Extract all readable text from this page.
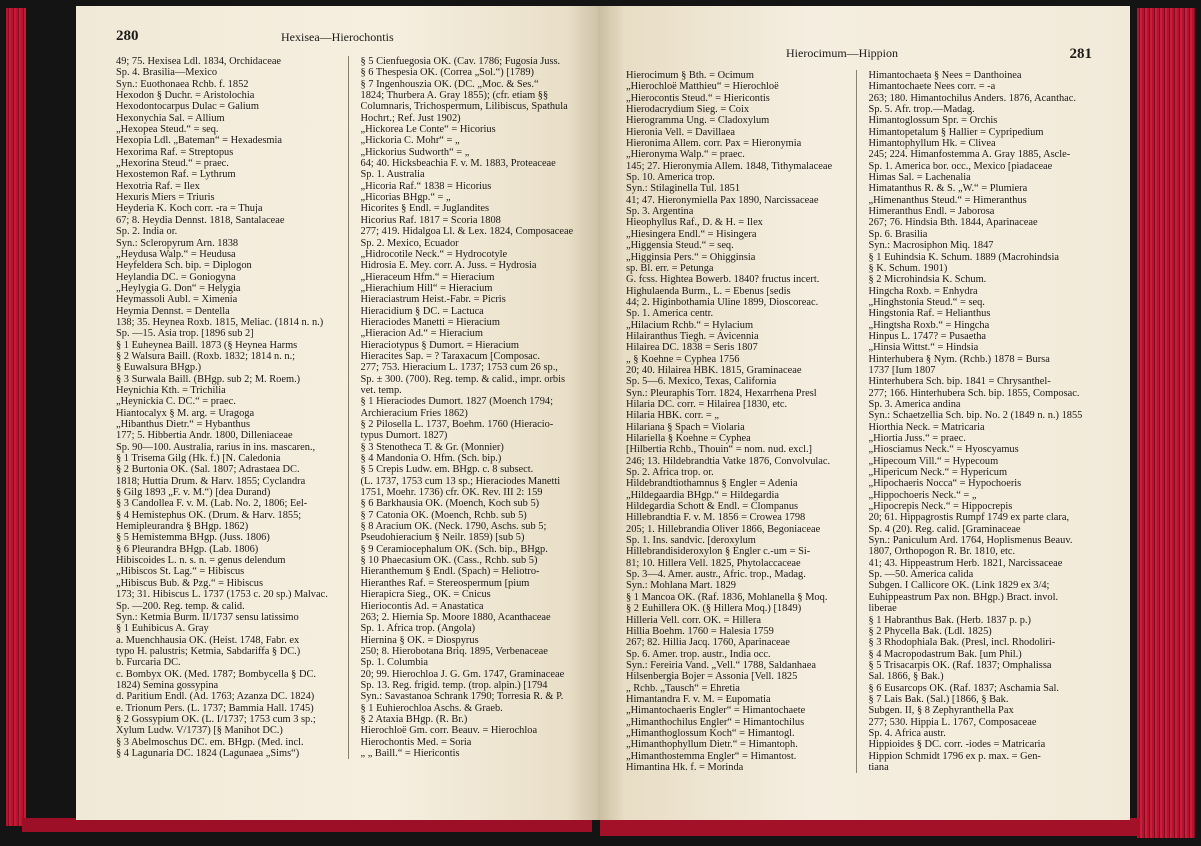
280	Hexisea—Hierochontis
49; 75. Hexisea Ldl. 1834, Orchidaceae
Sp. 4. Brasilia—Mexico
Syn.: Euothonaea Rchb. f. 1852
Hexodon § Duchr. = Aristolochia
Hexodontocarpus Dulac = Galium
Hexonychia Sal. = Allium
„Hexopea Steud.“ = seq.
Hexopia Ldl. „Bateman“ = Hexadesmia
Hexorima Raf. = Streptopus
„Hexorina Steud.“ = praec.
Hexostemon Raf. = Lythrum
Hexotria Raf. = Ilex
Hexuris Miers = Triuris
Heyderia K. Koch corr. -ra = Thuja
67; 8. Heydia Dennst. 1818, Santalaceae
Sp. 2. India or.
Syn.: Scleropyrum Arn. 1838
„Heydusa Walp.“ = Heudusa
Heyfeldera Sch. bip. = Diplogon
Heylandia DC. = Goniogyna
„Heylygia G. Don“ = Helygia
Heymassoli Aubl. = Ximenia
Heymia Dennst. = Dentella
138; 35. Heynea Roxb. 1815, Meliac. (1814 n. n.)
Sp. —15. Asia trop. [1896 sub 2]
§ 1 Euheynea Baill. 1873 (§ Heynea Harms
§ 2 Walsura Baill. (Roxb. 1832; 1814 n. n.;
§ Euwalsura BHgp.)
§ 3 Surwala Baill. (BHgp. sub 2; M. Roem.)
Heynichia Kth. = Trichilia
„Heynickia C. DC.“ = praec.
Hiantocalyx § M. arg. = Uragoga
„Hibanthus Dietr.“ = Hybanthus
177; 5. Hibbertia Andr. 1800, Dilleniaceae
Sp. 90—100. Australia, rarius in ins. mascaren.,
§ 1 Trisema Gilg (Hk. f.) [N. Caledonia
§ 2 Burtonia OK. (Sal. 1807; Adrastaea DC.
1818; Huttia Drum. & Harv. 1855; Cyclandra
§ Gilg 1893 „F. v. M.“) [dea Durand)
§ 3 Candollea F. v. M. (Lab. No. 2, 1806; Eel-
§ 4 Hemistephus OK. (Drum. & Harv. 1855;
Hemipleurandra § BHgp. 1862)
§ 5 Hemistemma BHgp. (Juss. 1806)
§ 6 Pleurandra BHgp. (Lab. 1806)
Hibiscoides L. n. s. n. = genus delendum
„Hibiscos St. Lag.“ = Hibiscus
„Hibiscus Bub. & Pzg.“ = Hibiscus
173; 31. Hibiscus L. 1737 (1753 c. 20 sp.) Malvac.
Sp. —200. Reg. temp. & calid.
Syn.: Ketmia Burm. II/1737 sensu latissimo
§ 1 Euhibicus A. Gray
a. Muenchhausia OK. (Heist. 1748, Fabr. ex
typo H. palustris; Ketmia, Sabdariffa § DC.)
b. Furcaria DC.
c. Bombyx OK. (Med. 1787; Bombycella § DC.
1824) Semina gossypina
d. Paritium Endl. (Ad. 1763; Azanza DC. 1824)
e. Trionum Pers. (L. 1737; Bammia Hall. 1745)
§ 2 Gossypium OK. (L. I/1737; 1753 cum 3 sp.;
Xylum Ludw. V/1737) [§ Manihot DC.)
§ 3 Abelmoschus DC. em. BHgp. (Med. incl.
§ 4 Lagunaria DC. 1824 (Lagunaea „Sims“)
§ 5 Cienfuegosia OK. (Cav. 1786; Fugosia Juss.
§ 6 Thespesia OK. (Correa „Sol.“) [1789)
§ 7 Ingenhouszia OK. (DC. „Moc. & Ses.“
1824; Thurbera A. Gray 1855); (cfr. etiam §§
Columnaris, Trichospermum, Lilibiscus, Spathula
Hochrt.; Ref. Just 1902)
„Hickorea Le Conte“ = Hicorius
„Hickoria C. Mohr“ = „
„Hickorius Sudworth“ = „
64; 40. Hicksbeachia F. v. M. 1883, Proteaceae
Sp. 1. Australia
„Hicoria Raf.“ 1838 = Hicorius
„Hicorias BHgp.“ = „
Hicorites § Endl. = Juglandites
Hicorius Raf. 1817 = Scoria 1808
277; 419. Hidalgoa Ll. & Lex. 1824, Composaceae
Sp. 2. Mexico, Ecuador
„Hidrocotile Neck.“ = Hydrocotyle
Hidrosia E. Mey. corr. A. Juss. = Hydrosia
„Hieraceum Hfm.“ = Hieracium
„Hierachium Hill“ = Hieracium
Hieraciastrum Heist.-Fabr. = Picris
Hieracidium § DC. = Lactuca
Hieraciodes Manetti = Hieracium
„Hieracion Ad.“ = Hieracium
Hieraciotypus § Dumort. = Hieracium
Hieracites Sap. = ? Taraxacum [Composac.
277; 753. Hieracium L. 1737; 1753 cum 26 sp.,
Sp. ± 300. (700). Reg. temp. & calid., impr. orbis
vet. temp.
§ 1 Hieraciodes Dumort. 1827 (Moench 1794;
Archieracium Fries 1862)
§ 2 Pilosella L. 1737, Boehm. 1760 (Hieracio-
typus Dumort. 1827)
§ 3 Stenotheca T. & Gr. (Monnier)
§ 4 Mandonia O. Hfm. (Sch. bip.)
§ 5 Crepis Ludw. em. BHgp. c. 8 subsect.
(L. 1737, 1753 cum 13 sp.; Hieraciodes Manetti
1751, Moehr. 1736) cfr. OK. Rev. III 2: 159
§ 6 Barkhausia OK. (Moench, Koch sub 5)
§ 7 Catonia OK. (Moench, Rchb. sub 5)
§ 8 Aracium OK. (Neck. 1790, Aschs. sub 5;
Pseudohieracium § Neilr. 1859) [sub 5)
§ 9 Ceramiocephalum OK. (Sch. bip., BHgp.
§ 10 Phaecasium OK. (Cass., Rchb. sub 5)
Hieranthemum § Endl. (Spach) = Heliotro-
Hieranthes Raf. = Stereospermum [pium
Hierapicra Sieg., OK. = Cnicus
Hieriocontis Ad. = Anastatica
263; 2. Hiernia Sp. Moore 1880, Acanthaceae
Sp. 1. Africa trop. (Angola)
Hiernina § OK. = Diospyrus
250; 8. Hierobotana Briq. 1895, Verbenaceae
Sp. 1. Columbia
20; 99. Hierochloa J. G. Gm. 1747, Graminaceae
Sp. 13. Reg. frigid. temp. (trop. alpin.) [1794
Syn.: Savastanoa Schrank 1790; Torresia R. & P.
§ 1 Euhierochloa Aschs. & Graeb.
§ 2 Ataxia BHgp. (R. Br.)
Hierochloë Gm. corr. Beauv. = Hierochloa
Hierochontis Med. = Soria
„ „ Baill.“ = Hiericontis
Hierocimum—Hippion	281
Hierocimum § Bth. = Ocimum
„Hierochloë Matthieu“ = Hierochloë
„Hierocontis Steud.“ = Hiericontis
Hierodacrydium Sieg. = Coix
Hierogramma Ung. = Cladoxylum
Hieronia Vell. = Davillaea
Hieronima Allem. corr. Pax = Hieronymia
„Hieronyma Walp.“ = praec.
145; 27. Hieronymia Allem. 1848, Tithymalaceae
Sp. 10. America trop.
Syn.: Stilaginella Tul. 1851
41; 47. Hieronymiella Pax 1890, Narcissaceae
Sp. 3. Argentina
Hieophyllus Raf., D. & H. = Ilex
„Hiesingera Endl.“ = Hisingera
„Higgensia Steud.“ = seq.
„Higginsia Pers.“ = Ohigginsia
sp. Bl. err. = Petunga
G. fcss. Hightea Bowerb. 1840? fructus incert.
Highulaenda Burm., L. = Ebenus [sedis
44; 2. Higinbothamia Uline 1899, Dioscoreac.
Sp. 1. America centr.
„Hilacium Rchb.“ = Hylacium
Hilairanthus Tiegh. = Avicennia
Hilairea DC. 1838 = Seris 1807
„ § Koehne = Cyphea 1756
20; 40. Hilairea HBK. 1815, Graminaceae
Sp. 5—6. Mexico, Texas, California
Syn.: Pleuraphis Torr. 1824, Hexarrhena Presl
Hilaria DC. corr. = Hilairea [1830, etc.
Hilaria HBK. corr. = „
Hilariana § Spach = Violaria
Hilariella § Koehne = Cyphea
[Hilbertia Rchb., Thouin“ = nom. nud. excl.]
246; 13. Hildebrandtia Vatke 1876, Convolvulac.
Sp. 2. Africa trop. or.
Hildebrandtiothamnus § Engler = Adenia
„Hildegaardia BHgp.“ = Hildegardia
Hildegardia Schott & Endl. = Clompanus
Hillebrandtia F. v. M. 1856 = Crowea 1798
205; 1. Hillebrandia Oliver 1866, Begoniaceae
Sp. 1. Ins. sandvic. [deroxylum
Hillebrandisideroxylon § Engler c.-um = Si-
81; 10. Hillera Vell. 1825, Phytolaccaceae
Sp. 3—4. Amer. austr., Afric. trop., Madag.
Syn.: Mohlana Mart. 1829
§ 1 Mancoa OK. (Raf. 1836, Mohlanella § Moq.
§ 2 Euhillera OK. (§ Hillera Moq.) [1849)
Hilleria Vell. corr. OK. = Hillera
Hillia Boehm. 1760 = Halesia 1759
267; 82. Hillia Jacq. 1760, Aparinaceae
Sp. 6. Amer. trop. austr., India occ.
Syn.: Fereiria Vand. „Vell.“ 1788, Saldanhaea
Hilsenbergia Bojer = Assonia [Vell. 1825
„ Rchb. „Tausch“ = Ehretia
Himantandra F. v. M. = Eupomatia
„Himantochaeris Engler“ = Himantochaete
„Himanthochilus Engler“ = Himantochilus
„Himanthoglossum Koch“ = Himantogl.
„Himanthophyllum Dietr.“ = Himantoph.
„Himanthostemma Engler“ = Himantost.
Himantina Hk. f. = Morinda
Himantochaeta § Nees = Danthoinea
Himantochaete Nees corr. = -a
263; 180. Himantochilus Anders. 1876, Acanthac.
Sp. 5. Afr. trop.—Madag.
Himantoglossum Spr. = Orchis
Himantopetalum § Hallier = Cypripedium
Himantophyllum Hk. = Clivea
245; 224. Himanfostemma A. Gray 1885, Ascle-
Sp. 1. America bor. occ., Mexico [piadaceae
Himas Sal. = Lachenalia
Himatanthus R. & S. „W.“ = Plumiera
„Himenanthus Steud.“ = Himeranthus
Himeranthus Endl. = Jaborosa
267; 76. Hindsia Bth. 1844, Aparinaceae
Sp. 6. Brasilia
Syn.: Macrosiphon Miq. 1847
§ 1 Euhindsia K. Schum. 1889 (Macrohindsia
§ K. Schum. 1901)
§ 2 Microhindsia K. Schum.
Hingcha Roxb. = Enhydra
„Hinghstonia Steud.“ = seq.
Hingstonia Raf. = Helianthus
„Hingtsha Roxb.“ = Hingcha
Hinpus L. 1747? = Pusaetha
„Hinsia Wittst.“ = Hindsia
Hinterhubera § Nym. (Rchb.) 1878 = Bursa
1737 [Ium 1807
Hinterhubera Sch. bip. 1841 = Chrysanthel-
277; 166. Hinterhubera Sch. bip. 1855, Composac.
Sp. 3. America andina
Syn.: Schaetzellia Sch. bip. No. 2 (1849 n. n.) 1855
Hiorthia Neck. = Matricaria
„Hiortia Juss.“ = praec.
„Hiosciamus Neck.“ = Hyoscyamus
„Hipecoum Vill.“ = Hypecoum
„Hipericum Neck.“ = Hypericum
„Hipochaeris Nocca“ = Hypochoeris
„Hippochoeris Neck.“ = „
„Hipocrepis Neck.“ = Hippocrepis
20; 61. Hippagrostis Rumpf 1749 ex parte clara,
Sp. 4 (20). Reg. calid. [Graminaceae
Syn.: Paniculum Ard. 1764, Hoplismenus Beauv.
1807, Orthopogon R. Br. 1810, etc.
41; 43. Hippeastrum Herb. 1821, Narcissaceae
Sp. —50. America calida
Subgen. I Callicore OK. (Link 1829 ex 3/4;
Euhippeastrum Pax non. BHgp.) Bract. invol.
liberae
§ 1 Habranthus Bak. (Herb. 1837 p. p.)
§ 2 Phycella Bak. (Ldl. 1825)
§ 3 Rhodophiala Bak. (Presl, incl. Rhodoliri-
§ 4 Macropodastrum Bak. [um Phil.)
§ 5 Trisacarpis OK. (Raf. 1837; Omphalissa
Sal. 1866, § Bak.)
§ 6 Eusarcops OK. (Raf. 1837; Aschamia Sal.
§ 7 Lais Bak. (Sal.) [1866, § Bak.
Subgen. II, § 8 Zephyranthella Pax
277; 530. Hippia L. 1767, Composaceae
Sp. 4. Africa austr.
Hippioides § DC. corr. -iodes = Matricaria
Hippion Schmidt 1796 ex p. max. = Gen-
tiana
